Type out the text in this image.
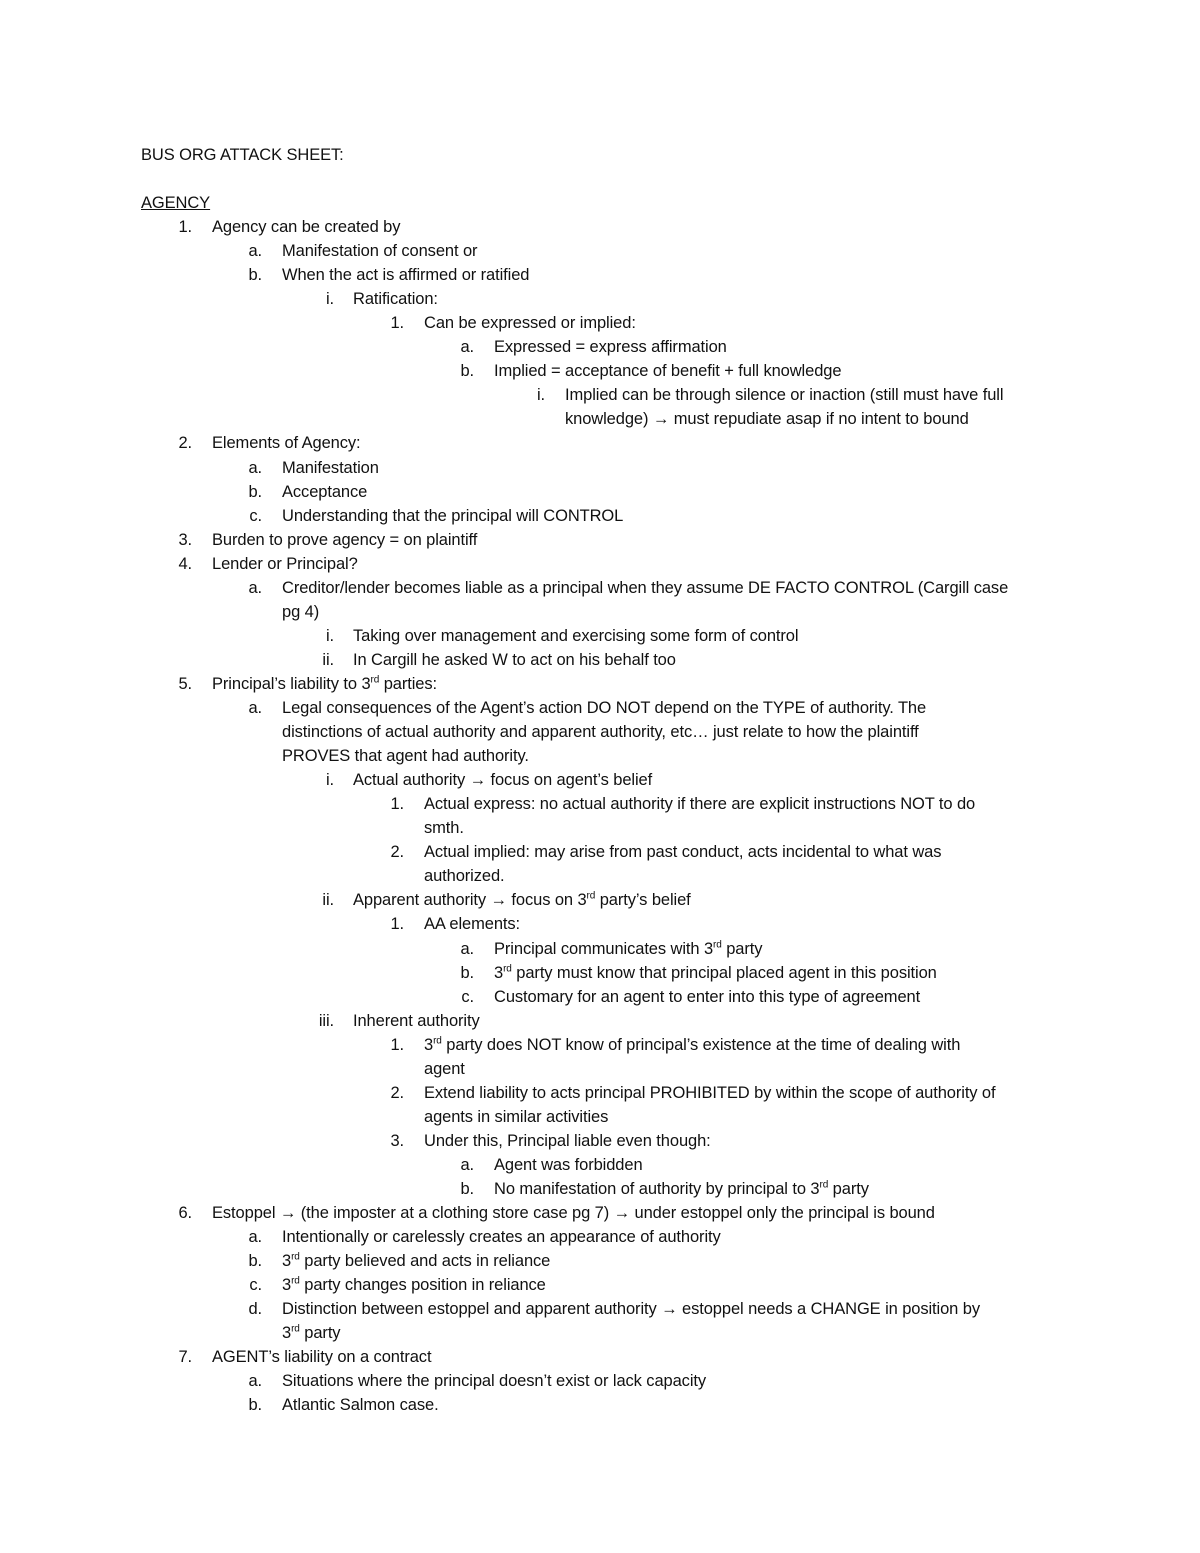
BUS ORG ATTACK SHEET:
AGENCY
1. Agency can be created by
a. Manifestation of consent or
b. When the act is affirmed or ratified
i. Ratification:
1. Can be expressed or implied:
a. Expressed = express affirmation
b. Implied = acceptance of benefit + full knowledge
i. Implied can be through silence or inaction (still must have full
knowledge) → must repudiate asap if no intent to bound
2. Elements of Agency:
a. Manifestation
b. Acceptance
c. Understanding that the principal will CONTROL
3. Burden to prove agency = on plaintiff
4. Lender or Principal?
a. Creditor/lender becomes liable as a principal when they assume DE FACTO CONTROL (Cargill case
pg 4)
i. Taking over management and exercising some form of control
ii. In Cargill he asked W to act on his behalf too
5. Principal’s liability to 3rd parties:
a. Legal consequences of the Agent’s action DO NOT depend on the TYPE of authority. The
distinctions of actual authority and apparent authority, etc… just relate to how the plaintiff
PROVES that agent had authority.
i. Actual authority → focus on agent’s belief
1. Actual express: no actual authority if there are explicit instructions NOT to do
smth.
2. Actual implied: may arise from past conduct, acts incidental to what was
authorized.
ii. Apparent authority → focus on 3rd party’s belief
1. AA elements:
a. Principal communicates with 3rd party
b. 3rd party must know that principal placed agent in this position
c. Customary for an agent to enter into this type of agreement
iii. Inherent authority
1. 3rd party does NOT know of principal’s existence at the time of dealing with
agent
2. Extend liability to acts principal PROHIBITED by within the scope of authority of
agents in similar activities
3. Under this, Principal liable even though:
a. Agent was forbidden
b. No manifestation of authority by principal to 3rd party
6. Estoppel → (the imposter at a clothing store case pg 7) → under estoppel only the principal is bound
a. Intentionally or carelessly creates an appearance of authority
b. 3rd party believed and acts in reliance
c. 3rd party changes position in reliance
d. Distinction between estoppel and apparent authority → estoppel needs a CHANGE in position by
3rd party
7. AGENT’s liability on a contract
a. Situations where the principal doesn’t exist or lack capacity
b. Atlantic Salmon case.
